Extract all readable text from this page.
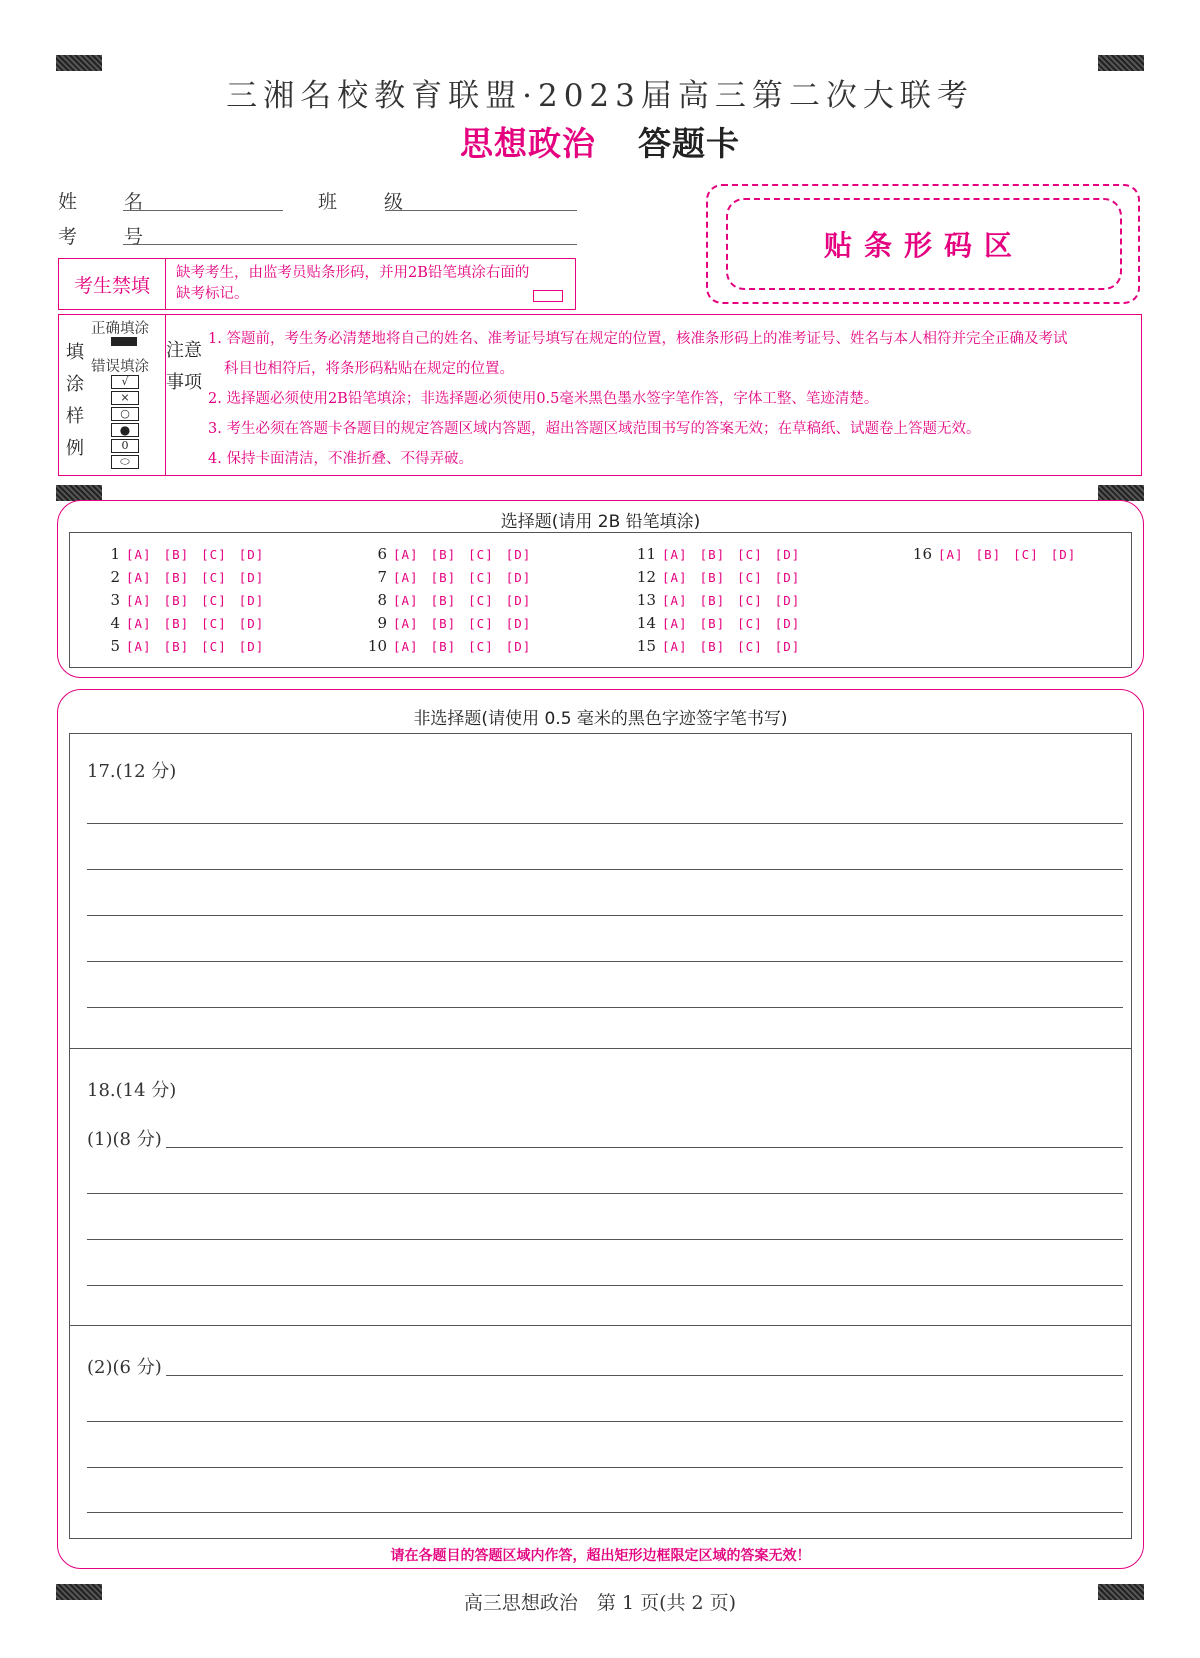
三湘名校教育联盟·2023届高三第二次大联考
思想政治 答题卡
姓　名	班　级
考　号	贴条形码区
考生禁填
缺考考生，由监考员贴条形码，并用2B铅笔填涂右面的
缺考标记。
填涂样例
正确填涂
错误填涂
√
×
○
●
0
⬭
注意事项
1. 答题前，考生务必清楚地将自己的姓名、准考证号填写在规定的位置，核准条形码上的准考证号、姓名与本人相符并完全正确及考试
科目也相符后，将条形码粘贴在规定的位置。
2. 选择题必须使用2B铅笔填涂；非选择题必须使用0.5毫米黑色墨水签字笔作答，字体工整、笔迹清楚。
3. 考生必须在答题卡各题目的规定答题区域内答题，超出答题区域范围书写的答案无效；在草稿纸、试题卷上答题无效。
4. 保持卡面清洁，不准折叠、不得弄破。
选择题(请用 2B 铅笔填涂)
1 [A] [B] [C] [D]
2 [A] [B] [C] [D]
3 [A] [B] [C] [D]
4 [A] [B] [C] [D]
5 [A] [B] [C] [D]
6 [A] [B] [C] [D]
7 [A] [B] [C] [D]
8 [A] [B] [C] [D]
9 [A] [B] [C] [D]
10 [A] [B] [C] [D]
11 [A] [B] [C] [D]
12 [A] [B] [C] [D]
13 [A] [B] [C] [D]
14 [A] [B] [C] [D]
15 [A] [B] [C] [D]
16 [A] [B] [C] [D]
非选择题(请使用 0.5 毫米的黑色字迹签字笔书写)
17.(12 分)
18.(14 分)
(1)(8 分)
(2)(6 分)
请在各题目的答题区域内作答，超出矩形边框限定区域的答案无效！
高三思想政治　第 1 页(共 2 页)
